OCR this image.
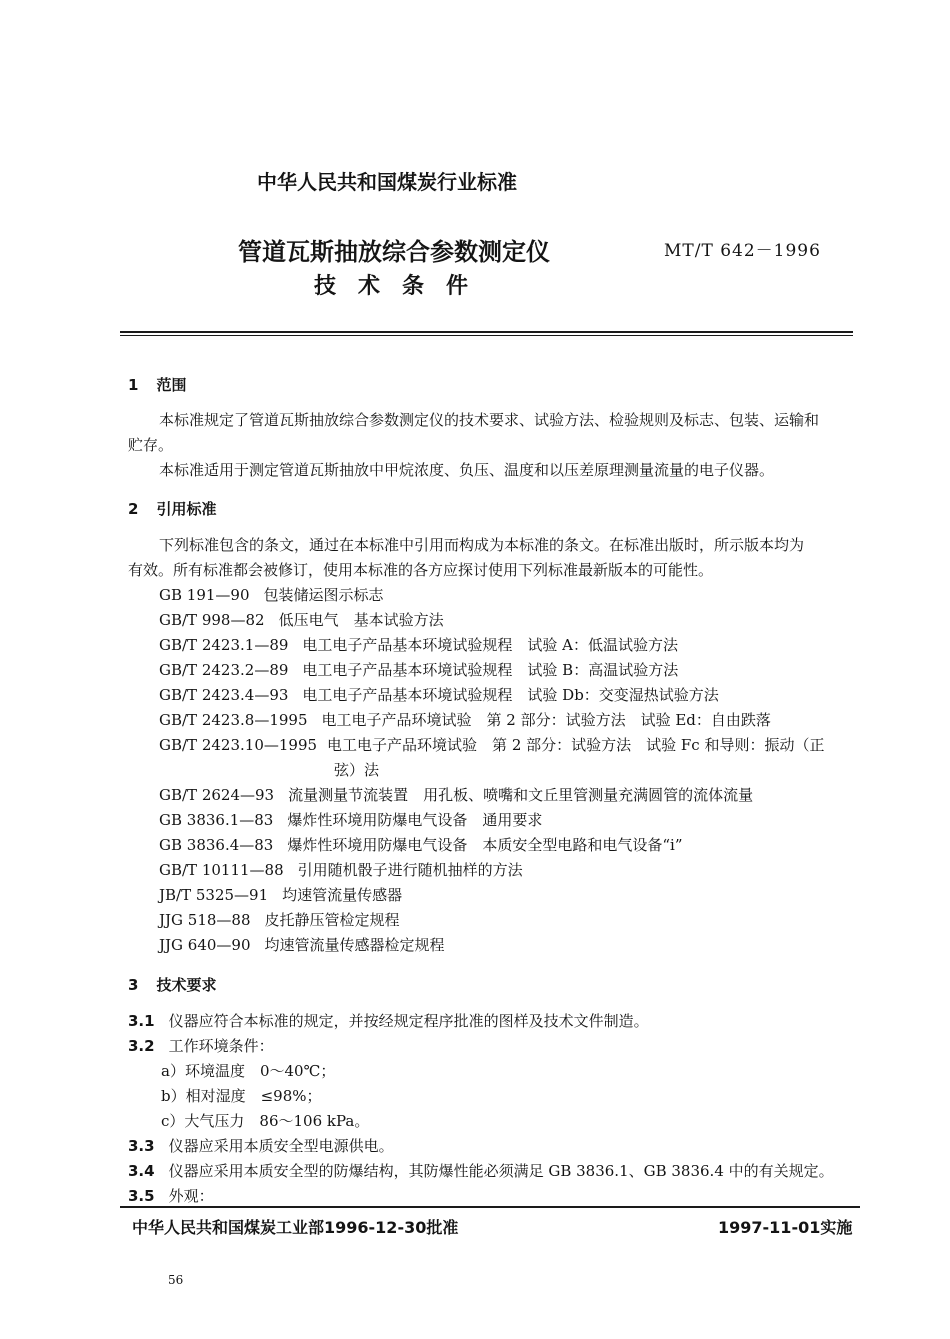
中华人民共和国煤炭行业标准
管道瓦斯抽放综合参数测定仪	MT/T 642－1996
技　术　条　件
1 范围
本标准规定了管道瓦斯抽放综合参数测定仪的技术要求、试验方法、检验规则及标志、包装、运输和
贮存。
本标准适用于测定管道瓦斯抽放中甲烷浓度、负压、温度和以压差原理测量流量的电子仪器。
2 引用标准
下列标准包含的条文，通过在本标准中引用而构成为本标准的条文。在标准出版时，所示版本均为
有效。所有标准都会被修订，使用本标准的各方应探讨使用下列标准最新版本的可能性。
GB 191—90 包装储运图示标志
GB/T 998—82 低压电气　基本试验方法
GB/T 2423.1—89 电工电子产品基本环境试验规程　试验 A：低温试验方法
GB/T 2423.2—89 电工电子产品基本环境试验规程　试验 B：高温试验方法
GB/T 2423.4—93 电工电子产品基本环境试验规程　试验 Db：交变湿热试验方法
GB/T 2423.8—1995 电工电子产品环境试验　第 2 部分：试验方法　试验 Ed：自由跌落
GB/T 2423.10—1995 电工电子产品环境试验　第 2 部分：试验方法　试验 Fc 和导则：振动（正
弦）法
GB/T 2624—93 流量测量节流装置　用孔板、喷嘴和文丘里管测量充满圆管的流体流量
GB 3836.1—83 爆炸性环境用防爆电气设备　通用要求
GB 3836.4—83 爆炸性环境用防爆电气设备　本质安全型电路和电气设备“i”
GB/T 10111—88 引用随机骰子进行随机抽样的方法
JB/T 5325—91 均速管流量传感器
JJG 518—88 皮托静压管检定规程
JJG 640—90 均速管流量传感器检定规程
3 技术要求
3.1 仪器应符合本标准的规定，并按经规定程序批准的图样及技术文件制造。
3.2 工作环境条件：
a）环境温度　0～40℃；
b）相对湿度　≤98%；
c）大气压力　86～106 kPa。
3.3 仪器应采用本质安全型电源供电。
3.4 仪器应采用本质安全型的防爆结构，其防爆性能必须满足 GB 3836.1、GB 3836.4 中的有关规定。
3.5 外观：
中华人民共和国煤炭工业部1996-12-30批准	1997-11-01实施
56
